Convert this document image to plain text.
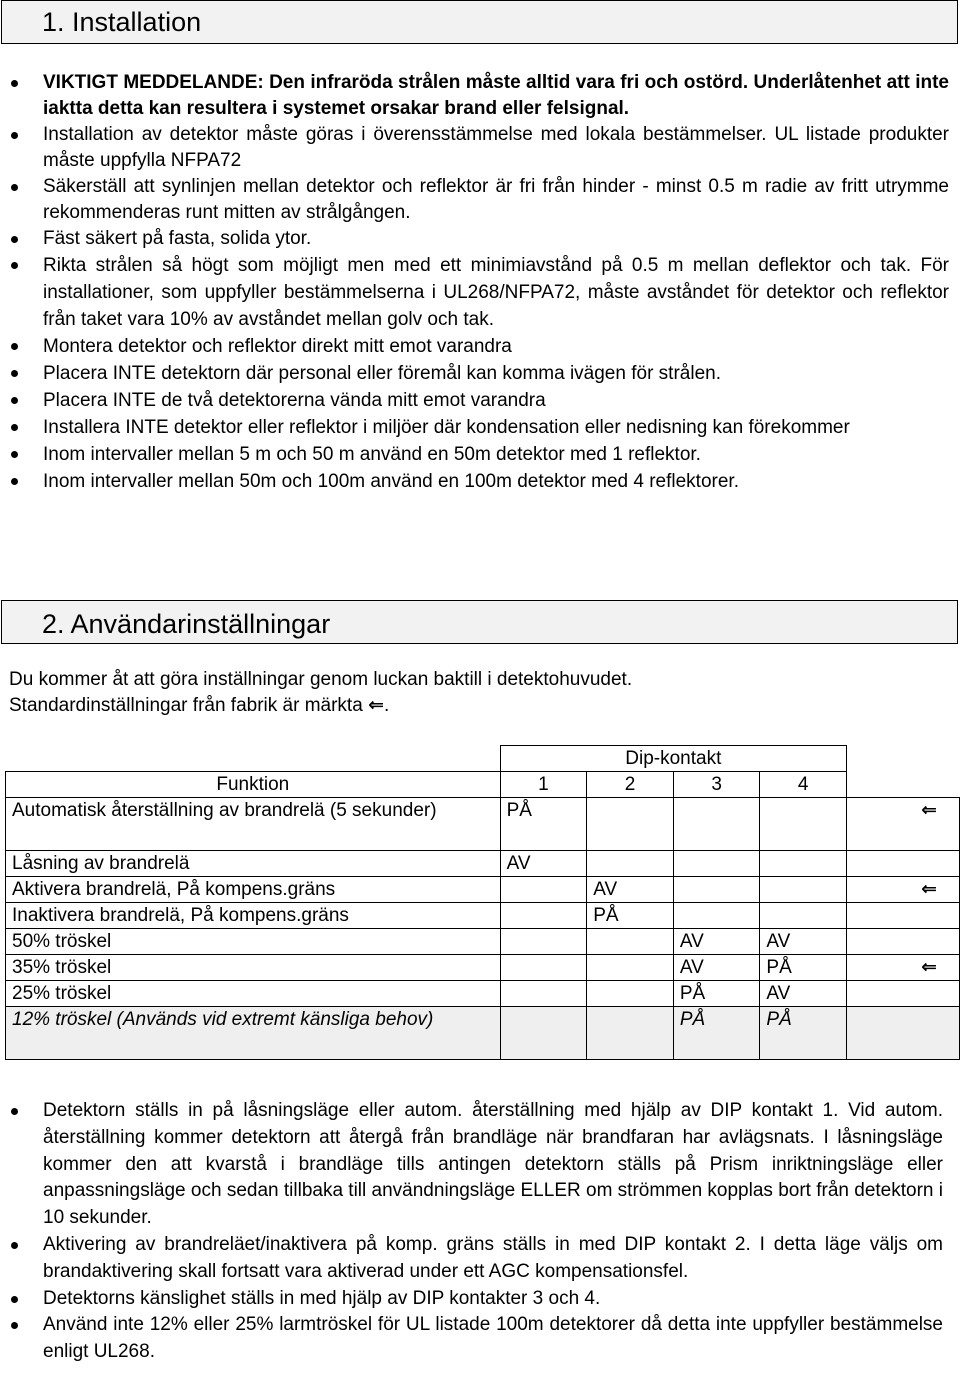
1. Installation
VIKTIGT MEDDELANDE: Den infraröda strålen måste alltid vara fri och ostörd. Underlåtenhet att inte iaktta detta kan resultera i systemet orsakar brand eller felsignal.
Installation av detektor måste göras i överensstämmelse med lokala bestämmelser. UL listade produkter måste uppfylla NFPA72
Säkerställ att synlinjen mellan detektor och reflektor är fri från hinder - minst 0.5 m radie av fritt utrymme rekommenderas runt mitten av strålgången.
Fäst säkert på fasta, solida ytor.
Rikta strålen så högt som möjligt men med ett minimiavstånd på 0.5 m mellan deflektor och tak. För installationer, som uppfyller bestämmelserna i UL268/NFPA72, måste avståndet för detektor och reflektor från taket vara 10% av avståndet mellan golv och tak.
Montera detektor och reflektor direkt mitt emot varandra
Placera INTE detektorn där personal eller föremål kan komma ivägen för strålen.
Placera INTE de två detektorerna vända mitt emot varandra
Installera INTE detektor eller reflektor i miljöer där kondensation eller nedisning kan förekommer
Inom intervaller mellan 5 m och 50 m använd en 50m detektor med 1 reflektor.
Inom intervaller mellan 50m och 100m använd en 100m detektor med 4 reflektorer.
2. Användarinställningar
Du kommer åt att göra inställningar genom luckan baktill i detektohuvudet.
Standardinställningar från fabrik är märkta ⇐.
	Dip-kontakt				
Funktion	1	2	3	4	
Automatisk återställning av brandrelä (5 sekunder)	PÅ				⇐
Låsning av brandrelä	AV				
Aktivera brandrelä, På kompens.gräns		AV			⇐
Inaktivera brandrelä, På kompens.gräns		PÅ			
50% tröskel			AV	AV	
35% tröskel			AV	PÅ	⇐
25% tröskel			PÅ	AV	
12% tröskel (Används vid extremt känsliga behov)			PÅ	PÅ	
Detektorn ställs in på låsningsläge eller autom. återställning med hjälp av DIP kontakt 1. Vid autom. återställning kommer detektorn att återgå från brandläge när brandfaran har avlägsnats. I låsningsläge kommer den att kvarstå i brandläge tills antingen detektorn ställs på Prism inriktningsläge eller anpassningsläge och sedan tillbaka till användningsläge ELLER om strömmen kopplas bort från detektorn i 10 sekunder.
Aktivering av brandreläet/inaktivera på komp. gräns ställs in med DIP kontakt 2. I detta läge väljs om brandaktivering skall fortsatt vara aktiverad under ett AGC kompensationsfel.
Detektorns känslighet ställs in med hjälp av DIP kontakter 3 och 4.
Använd inte 12% eller 25% larmtröskel för UL listade 100m detektorer då detta inte uppfyller bestämmelse enligt UL268.
